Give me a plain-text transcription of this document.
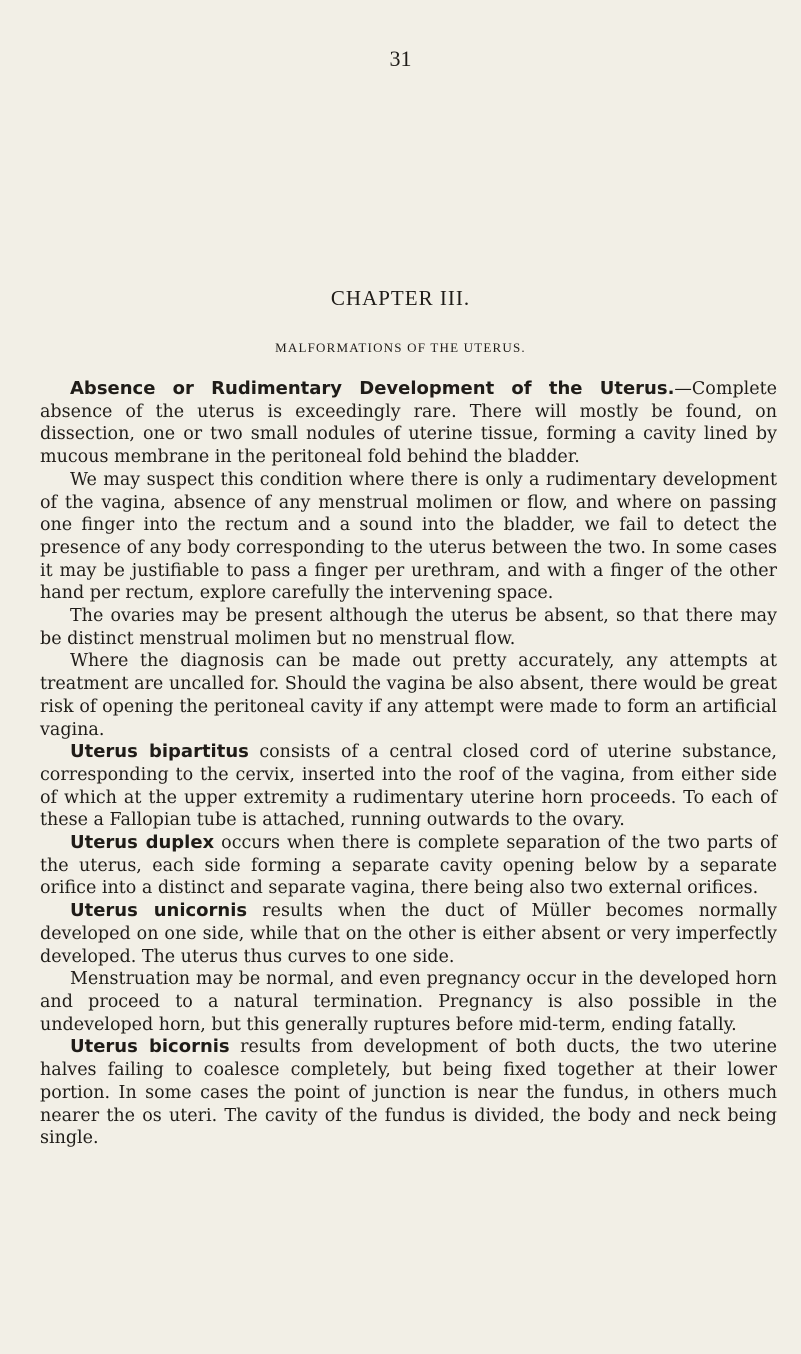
31
CHAPTER III.
MALFORMATIONS OF THE UTERUS.

Absence or Rudimentary Development of the Uterus.—Complete absence of the uterus is exceedingly rare. There will mostly be found, on dissection, one or two small nodules of uterine tissue, forming a cavity lined by mucous membrane in the peritoneal fold behind the bladder.

We may suspect this condition where there is only a rudimentary development of the vagina, absence of any menstrual molimen or flow, and where on passing one finger into the rectum and a sound into the bladder, we fail to detect the presence of any body corresponding to the uterus between the two. In some cases it may be justifiable to pass a finger per urethram, and with a finger of the other hand per rectum, explore carefully the intervening space.

The ovaries may be present although the uterus be absent, so that there may be distinct menstrual molimen but no menstrual flow.

Where the diagnosis can be made out pretty accurately, any attempts at treatment are uncalled for. Should the vagina be also absent, there would be great risk of opening the peritoneal cavity if any attempt were made to form an artificial vagina.

Uterus bipartitus consists of a central closed cord of uterine substance, corresponding to the cervix, inserted into the roof of the vagina, from either side of which at the upper extremity a rudimentary uterine horn proceeds. To each of these a Fallopian tube is attached, running outwards to the ovary.

Uterus duplex occurs when there is complete separation of the two parts of the uterus, each side forming a separate cavity opening below by a separate orifice into a distinct and separate vagina, there being also two external orifices.

Uterus unicornis results when the duct of Müller becomes normally developed on one side, while that on the other is either absent or very imperfectly developed. The uterus thus curves to one side.

Menstruation may be normal, and even pregnancy occur in the developed horn and proceed to a natural termination. Pregnancy is also possible in the undeveloped horn, but this generally ruptures before mid-term, ending fatally.

Uterus bicornis results from development of both ducts, the two uterine halves failing to coalesce completely, but being fixed together at their lower portion. In some cases the point of junction is near the fundus, in others much nearer the os uteri. The cavity of the fundus is divided, the body and neck being single.
